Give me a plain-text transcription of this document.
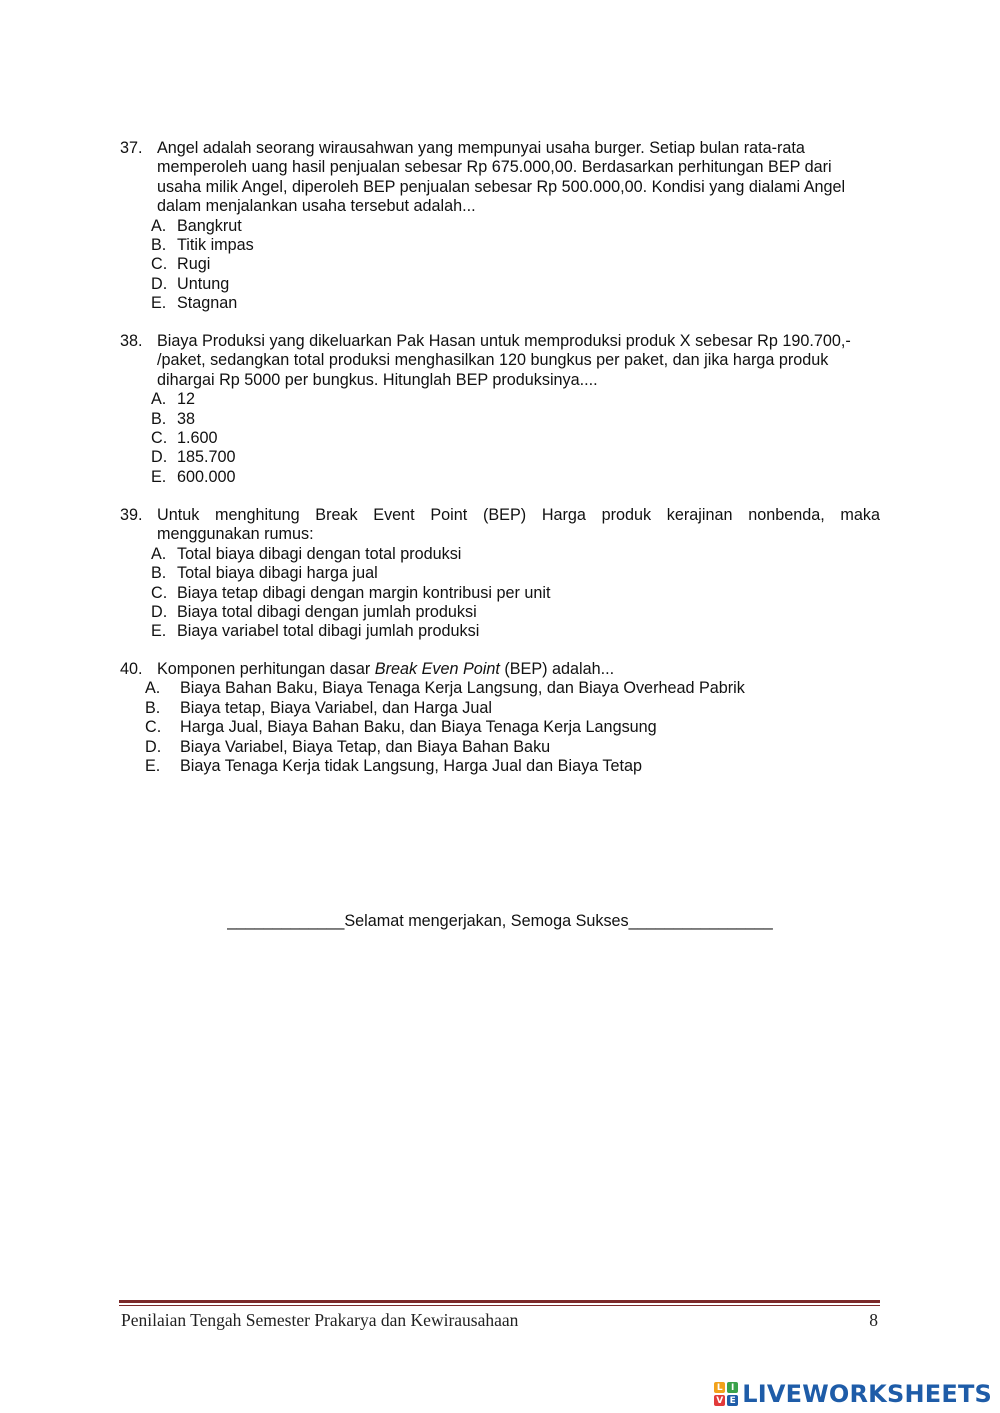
37. Angel adalah seorang wirausahwan yang mempunyai usaha burger. Setiap bulan rata-rata
memperoleh uang hasil penjualan sebesar Rp 675.000,00. Berdasarkan perhitungan BEP dari
usaha milik Angel, diperoleh BEP penjualan sebesar Rp 500.000,00. Kondisi yang dialami Angel
dalam menjalankan usaha tersebut adalah...
A. Bangkrut
B. Titik impas
C. Rugi
D. Untung
E. Stagnan
38. Biaya Produksi yang dikeluarkan Pak Hasan untuk memproduksi produk X sebesar Rp 190.700,-
/paket, sedangkan total produksi menghasilkan 120 bungkus per paket, dan jika harga produk
dihargai Rp 5000 per bungkus. Hitunglah BEP produksinya....
A. 12
B. 38
C. 1.600
D. 185.700
E. 600.000
39. Untuk menghitung Break Event Point (BEP) Harga produk kerajinan nonbenda, maka
menggunakan rumus:
A. Total biaya dibagi dengan total produksi
B. Total biaya dibagi harga jual
C. Biaya tetap dibagi dengan margin kontribusi per unit
D. Biaya total dibagi dengan jumlah produksi
E. Biaya variabel total dibagi jumlah produksi
40. Komponen perhitungan dasar Break Even Point (BEP) adalah...
A.	Biaya Bahan Baku, Biaya Tenaga Kerja Langsung, dan Biaya Overhead Pabrik
B.	Biaya tetap, Biaya Variabel, dan Harga Jual
C.	Harga Jual, Biaya Bahan Baku, dan Biaya Tenaga Kerja Langsung
D.	Biaya Variabel, Biaya Tetap, dan Biaya Bahan Baku
E.	Biaya Tenaga Kerja tidak Langsung, Harga Jual dan Biaya Tetap
_____________Selamat mengerjakan, Semoga Sukses________________
Penilaian Tengah Semester Prakarya dan Kewirausahaan	8
L I
V E LIVEWORKSHEETS
